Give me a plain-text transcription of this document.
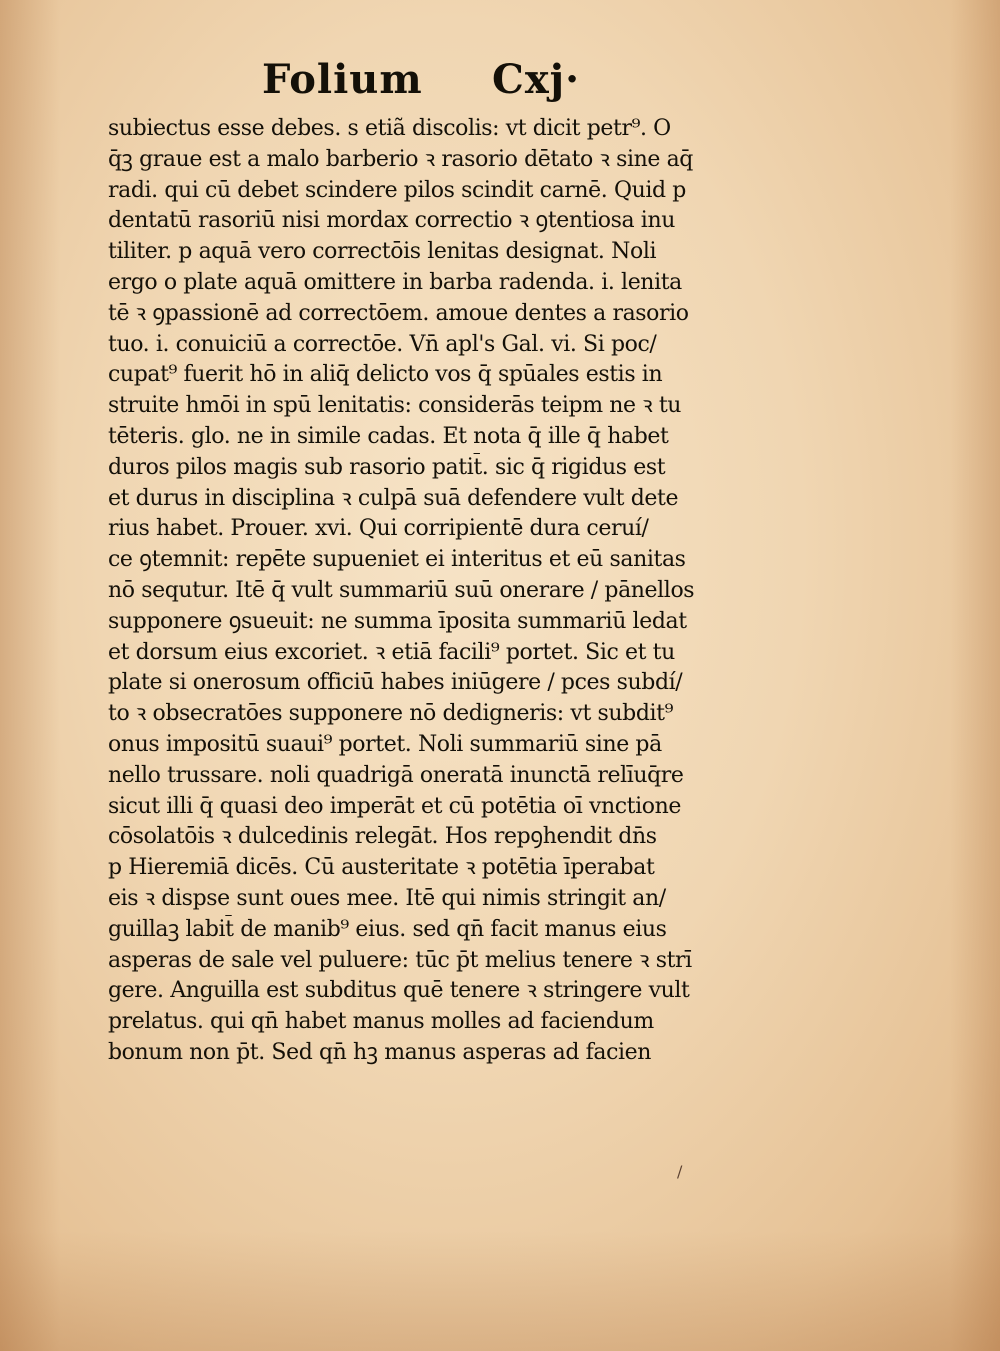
Folium Cxj·
subiectus esse debes. s etiã discolis: vt dicit petr⁹. O
q̄ꝫ graue est a malo barberio ꝛ rasorio dētato ꝛ sine aq̄
radi. qui cū debet scindere pilos scindit carnē. Quid p
dentatū rasoriū nisi mordax correctio ꝛ ꝯtentiosa inu
tiliter. p aquā vero correctōis lenitas designat. Noli
ergo o plate aquā omittere in barba radenda. i. lenita
tē ꝛ ꝯpassionē ad correctōem. amoue dentes a rasorio
tuo. i. conuiciū a correctōe. Vn̄ apl's Gal. vi. Si poc/
cupat⁹ fuerit hō in aliq̄ delicto vos q̄ spūales estis in
struite hmōi in spū lenitatis: considerās teipm ne ꝛ tu
tēteris. glo. ne in simile cadas. Et nota q̄ ille q̄ habet
duros pilos magis sub rasorio patit̄. sic q̄ rigidus est
et durus in disciplina ꝛ culpā suā defendere vult dete
rius habet. Prouer. xvi. Qui corripientē dura ceruí/
ce ꝯtemnit: repēte supueniet ei interitus et eū sanitas
nō sequtur. Itē q̄ vult summariū suū onerare / pānellos
supponere ꝯsueuit: ne summa īposita summariū ledat
et dorsum eius excoriet. ꝛ etiā facili⁹ portet. Sic et tu
plate si onerosum officiū habes iniūgere / pces subdí/
to ꝛ obsecratōes supponere nō dedigneris: vt subdit⁹
onus impositū suaui⁹ portet. Noli summariū sine pā
nello trussare. noli quadrigā oneratā inunctā relīuq̄re
sicut illi q̄ quasi deo imperāt et cū potētia oī vnctione
cōsolatōis ꝛ dulcedinis relegāt. Hos repꝯhendit dn̄s
p Hieremiā dicēs. Cū austeritate ꝛ potētia īperabat
eis ꝛ dispse sunt oues mee. Itē qui nimis stringit an/
guillaꝫ labit̄ de manib⁹ eius. sed qn̄ facit manus eius
asperas de sale vel puluere: tūc p̄t melius tenere ꝛ strī
gere. Anguilla est subditus quē tenere ꝛ stringere vult
prelatus. qui qn̄ habet manus molles ad faciendum
bonum non p̄t. Sed qn̄ hꝫ manus asperas ad facien
/
